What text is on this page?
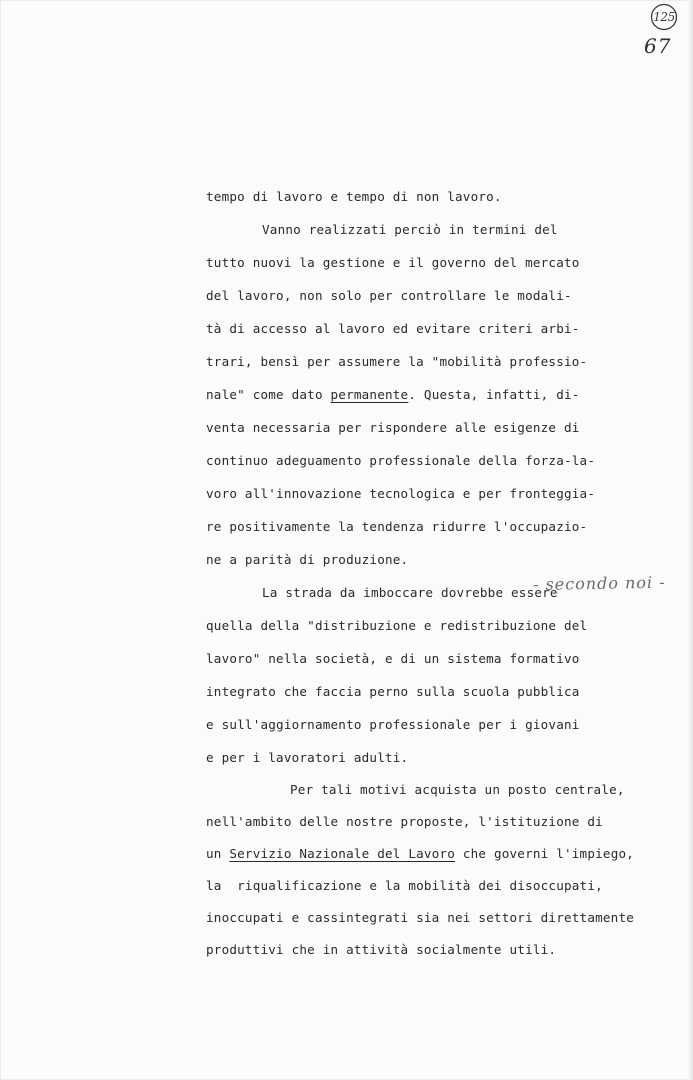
125
67
tempo di lavoro e tempo di non lavoro.
Vanno realizzati perciò in termini del
tutto nuovi la gestione e il governo del mercato
del lavoro, non solo per controllare le modali-
tà di accesso al lavoro ed evitare criteri arbi-
trari, bensì per assumere la "mobilità professio-
nale" come dato permanente. Questa, infatti, di-
venta necessaria per rispondere alle esigenze di
continuo adeguamento professionale della forza-la-
voro all'innovazione tecnologica e per fronteggia-
re positivamente la tendenza ridurre l'occupazio-
ne a parità di produzione.
La strada da imboccare dovrebbe essere
- secondo noi -
quella della "distribuzione e redistribuzione del
lavoro" nella società, e di un sistema formativo
integrato che faccia perno sulla scuola pubblica
e sull'aggiornamento professionale per i giovani
e per i lavoratori adulti.
Per tali motivi acquista un posto centrale,
nell'ambito delle nostre proposte, l'istituzione di
un Servizio Nazionale del Lavoro che governi l'impiego,
la  riqualificazione e la mobilità dei disoccupati,
inoccupati e cassintegrati sia nei settori direttamente
produttivi che in attività socialmente utili.
